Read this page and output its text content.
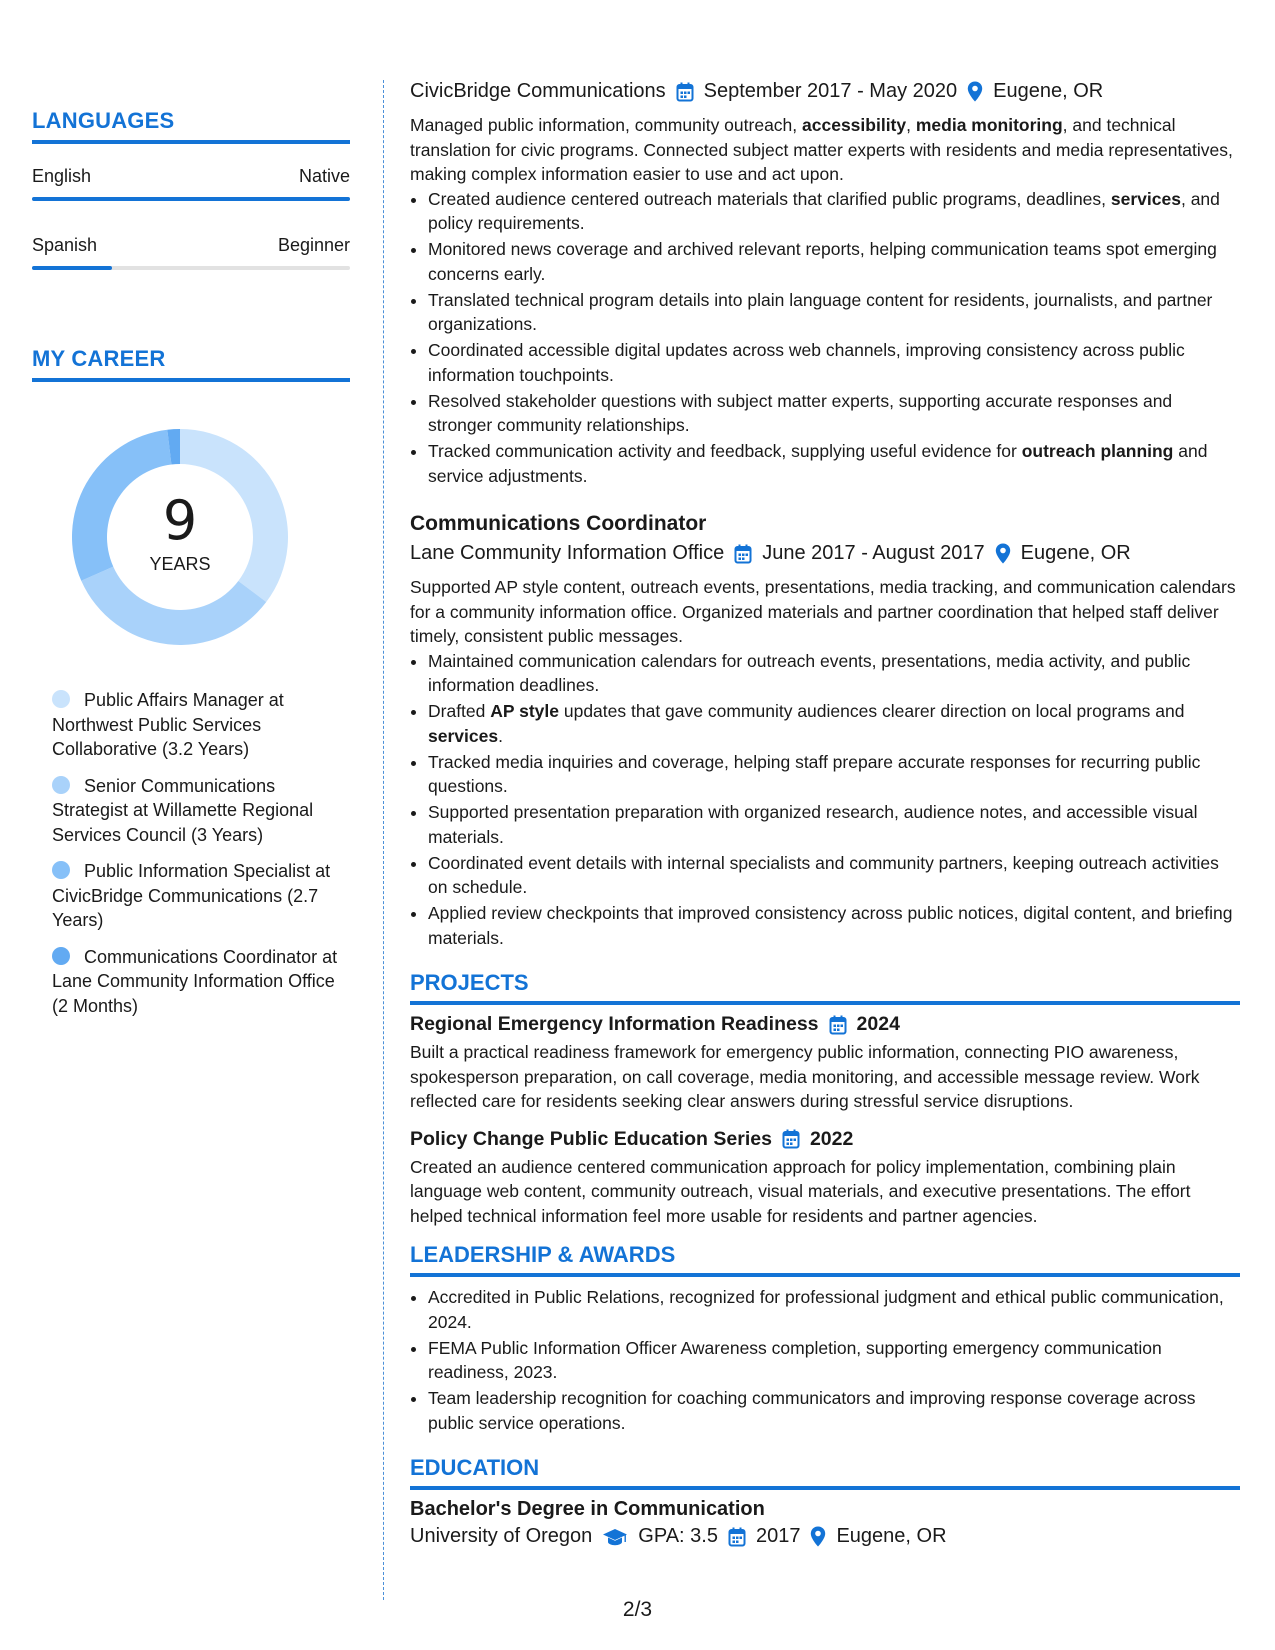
LANGUAGES
English	Native
Spanish	Beginner
MY CAREER
9
YEARS
Public Affairs Manager at Northwest Public Services Collaborative (3.2 Years)
Senior Communications Strategist at Willamette Regional Services Council (3 Years)
Public Information Specialist at CivicBridge Communications (2.7 Years)
Communications Coordinator at Lane Community Information Office (2 Months)
CivicBridge Communications September 2017 - May 2020 Eugene, OR

Managed public information, community outreach, accessibility, media monitoring, and technical translation for civic programs. Connected subject matter experts with residents and media representatives, making complex information easier to use and act upon.

• Created audience centered outreach materials that clarified public programs, deadlines, services, and policy requirements.
• Monitored news coverage and archived relevant reports, helping communication teams spot emerging concerns early.
• Translated technical program details into plain language content for residents, journalists, and partner organizations.
• Coordinated accessible digital updates across web channels, improving consistency across public information touchpoints.
• Resolved stakeholder questions with subject matter experts, supporting accurate responses and stronger community relationships.
• Tracked communication activity and feedback, supplying useful evidence for outreach planning and service adjustments.
Communications Coordinator
Lane Community Information Office June 2017 - August 2017 Eugene, OR

Supported AP style content, outreach events, presentations, media tracking, and communication calendars for a community information office. Organized materials and partner coordination that helped staff deliver timely, consistent public messages.

• Maintained communication calendars for outreach events, presentations, media activity, and public information deadlines.
• Drafted AP style updates that gave community audiences clearer direction on local programs and services.
• Tracked media inquiries and coverage, helping staff prepare accurate responses for recurring public questions.
• Supported presentation preparation with organized research, audience notes, and accessible visual materials.
• Coordinated event details with internal specialists and community partners, keeping outreach activities on schedule.
• Applied review checkpoints that improved consistency across public notices, digital content, and briefing materials.
PROJECTS
Regional Emergency Information Readiness 2024

Built a practical readiness framework for emergency public information, connecting PIO awareness, spokesperson preparation, on call coverage, media monitoring, and accessible message review. Work reflected care for residents seeking clear answers during stressful service disruptions.

Policy Change Public Education Series 2022

Created an audience centered communication approach for policy implementation, combining plain language web content, community outreach, visual materials, and executive presentations. The effort helped technical information feel more usable for residents and partner agencies.

LEADERSHIP & AWARDS
• Accredited in Public Relations, recognized for professional judgment and ethical public communication, 2024.
• FEMA Public Information Officer Awareness completion, supporting emergency communication readiness, 2023.
• Team leadership recognition for coaching communicators and improving response coverage across public service operations.
EDUCATION
Bachelor's Degree in Communication
University of Oregon GPA: 3.5 2017 Eugene, OR
2/3
